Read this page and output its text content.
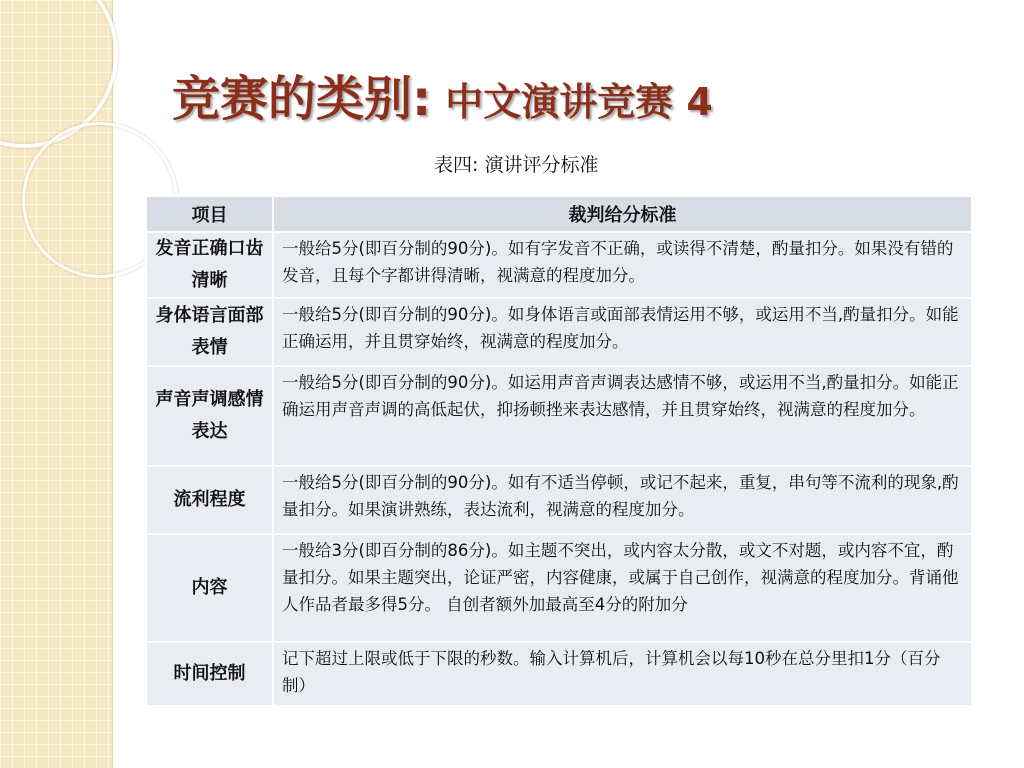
竞赛的类别: 中文演讲竞赛 4
表四: 演讲评分标准
项目	裁判给分标准
发音正确口齿清晰	一般给5分(即百分制的90分)。如有字发音不正确，或读得不清楚，酌量扣分。如果没有错的发音，且每个字都讲得清晰，视满意的程度加分。
身体语言面部表情	一般给5分(即百分制的90分)。如身体语言或面部表情运用不够，或运用不当,酌量扣分。如能正确运用，并且贯穿始终，视满意的程度加分。
声音声调感情表达	一般给5分(即百分制的90分)。如运用声音声调表达感情不够，或运用不当,酌量扣分。如能正确运用声音声调的高低起伏，抑扬顿挫来表达感情，并且贯穿始终，视满意的程度加分。
流利程度	一般给5分(即百分制的90分)。如有不适当停顿，或记不起来，重复，串句等不流利的现象,酌量扣分。如果演讲熟练，表达流利，视满意的程度加分。
内容	一般给3分(即百分制的86分)。如主题不突出，或内容太分散，或文不对题，或内容不宜，酌量扣分。如果主题突出，论证严密，内容健康，或属于自己创作，视满意的程度加分。背诵他人作品者最多得5分。 自创者额外加最高至4分的附加分
时间控制	记下超过上限或低于下限的秒数。输入计算机后，计算机会以每10秒在总分里扣1分（百分制）
